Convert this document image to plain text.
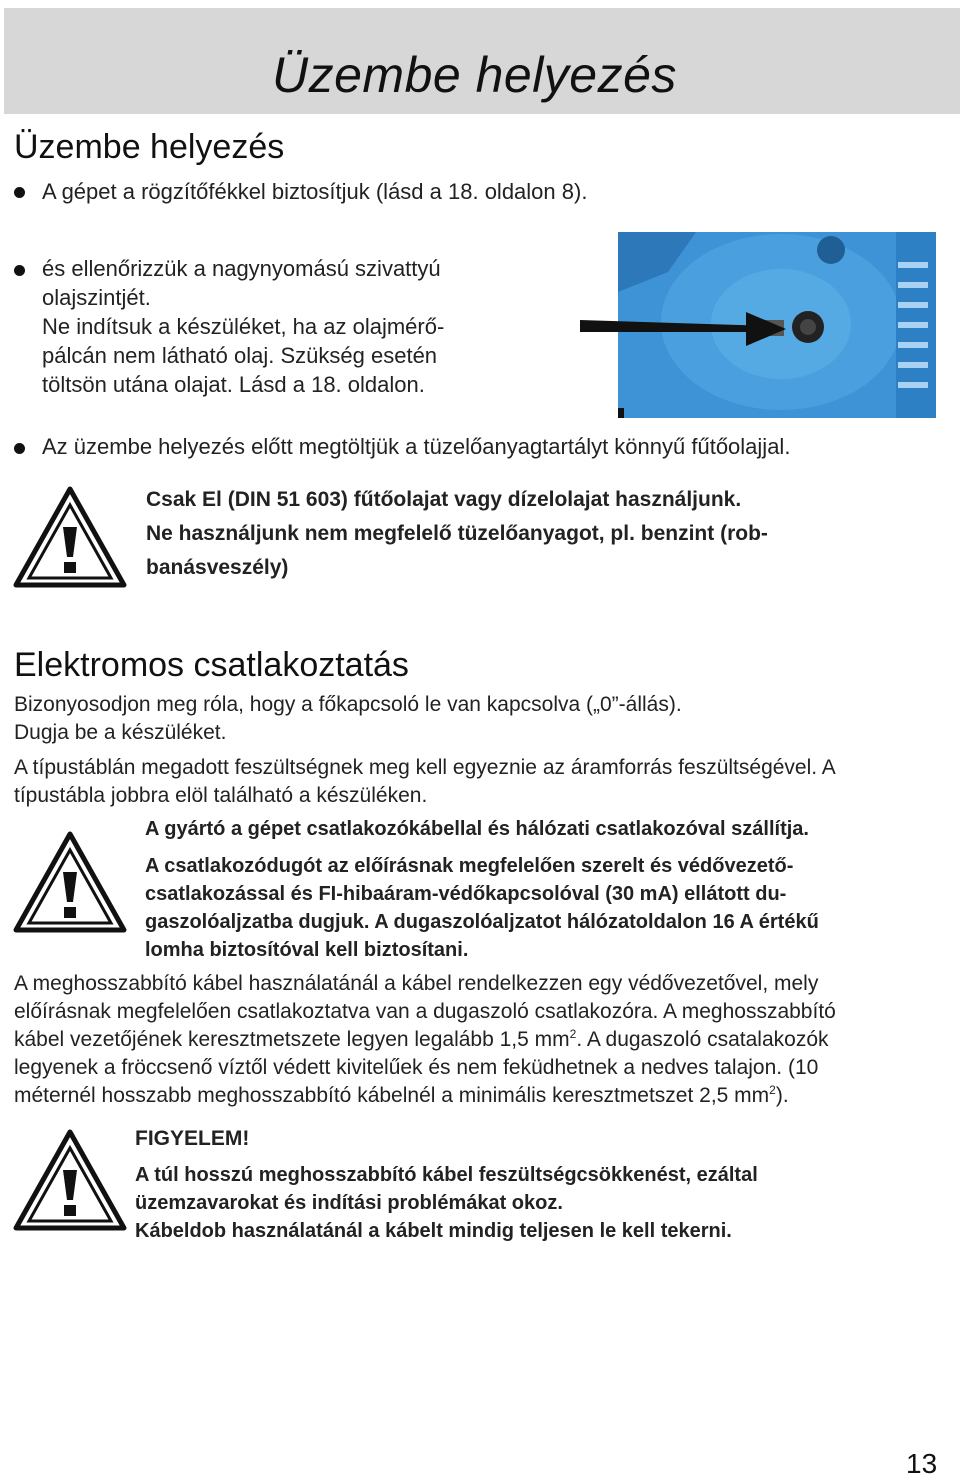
Üzembe helyezés
Üzembe helyezés

A gépet a rögzítőfékkel biztosítjuk (lásd a 18. oldalon 8).

és ellenőrizzük a nagynyomású szivattyú

olajszintjét.

Ne indítsuk a készüléket, ha az olajmérő-

pálcán nem látható olaj. Szükség esetén

töltsön utána olajat. Lásd a 18. oldalon.

Az üzembe helyezés előtt megtöltjük a tüzelőanyagtartályt könnyű fűtőolajjal.

Csak El (DIN 51 603) fűtőolajat vagy dízelolajat használjunk.

Ne használjunk nem megfelelő tüzelőanyagot, pl. benzint (rob-

banásveszély)

Elektromos csatlakoztatás

Bizonyosodjon meg róla, hogy a főkapcsoló le van kapcsolva („0”-állás).

Dugja be a készüléket.

A típustáblán megadott feszültségnek meg kell egyeznie az áramforrás feszültségével. A

típustábla jobbra elöl található a készüléken.

A gyártó a gépet csatlakozókábellal és hálózati csatlakozóval szállítja.

A csatlakozódugót az előírásnak megfelelően szerelt és védővezető-

csatlakozással és FI-hibaáram-védőkapcsolóval (30 mA) ellátott du-

gaszolóaljzatba dugjuk. A dugaszolóaljzatot hálózatoldalon 16 A értékű

lomha biztosítóval kell biztosítani.

A meghosszabbító kábel használatánál a kábel rendelkezzen egy védővezetővel, mely

előírásnak megfelelően csatlakoztatva van a dugaszoló csatlakozóra. A meghosszabbító

kábel vezetőjének keresztmetszete legyen legalább 1,5 $mm^2$. A dugaszoló csatalakozók

legyenek a fröccsenő víztől védett kivitelűek és nem feküdhetnek a nedves talajon. (10

méternél hosszabb meghosszabbító kábelnél a minimális keresztmetszet 2,5 $mm^2$).

FIGYELEM!

A túl hosszú meghosszabbító kábel feszültségcsökkenést, ezáltal

üzemzavarokat és indítási problémákat okoz.

Kábeldob használatánál a kábelt mindig teljesen le kell tekerni.

13
